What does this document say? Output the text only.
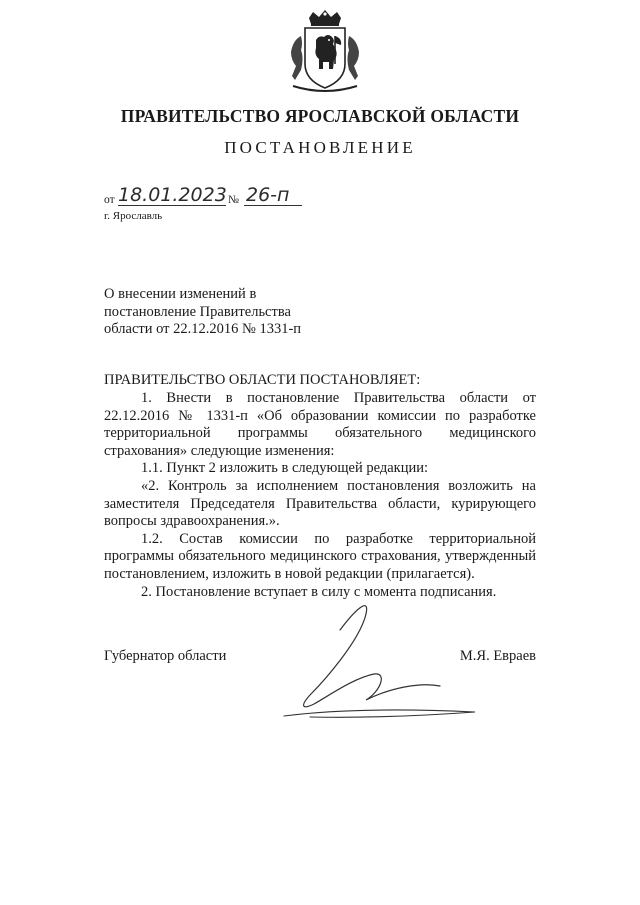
ПРАВИТЕЛЬСТВО ЯРОСЛАВСКОЙ ОБЛАСТИ
ПОСТАНОВЛЕНИЕ
от 18.01.2023 № 26-п
г. Ярославль
О внесении изменений в
постановление Правительства
области от 22.12.2016 № 1331-п
ПРАВИТЕЛЬСТВО ОБЛАСТИ ПОСТАНОВЛЯЕТ:
1. Внести в постановление Правительства области от 22.12.2016 № 1331-п «Об образовании комиссии по разработке территориальной программы обязательного медицинского страхования» следующие изменения:
1.1. Пункт 2 изложить в следующей редакции:
«2. Контроль за исполнением постановления возложить на заместителя Председателя Правительства области, курирующего вопросы здравоохранения.».
1.2. Состав комиссии по разработке территориальной программы обязательного медицинского страхования, утвержденный постановлением, изложить в новой редакции (прилагается).
2. Постановление вступает в силу с момента подписания.
Губернатор области	М.Я. Евраев
